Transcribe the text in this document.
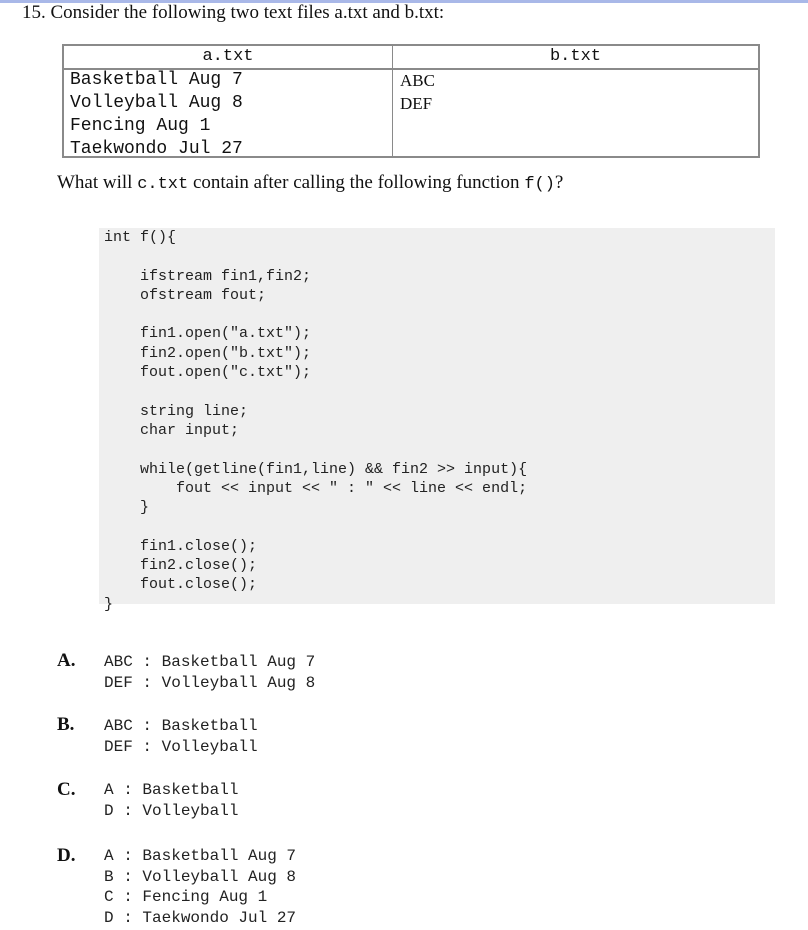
15. Consider the following two text files a.txt and b.txt:
a.txt	b.txt
Basketball Aug 7
Volleyball Aug 8
Fencing Aug 1
Taekwondo Jul 27
ABC
DEF
What will c.txt contain after calling the following function f()?
int f(){
ifstream fin1,fin2;
ofstream fout;
fin1.open("a.txt");
fin2.open("b.txt");
fout.open("c.txt");
string line;
char input;
while(getline(fin1,line) && fin2 >> input){
fout << input << " : " << line << endl;
}
fin1.close();
fin2.close();
fout.close();
}
A. ABC : Basketball Aug 7
DEF : Volleyball Aug 8
B. ABC : Basketball
DEF : Volleyball
C. A : Basketball
D : Volleyball
D. A : Basketball Aug 7
B : Volleyball Aug 8
C : Fencing Aug 1
D : Taekwondo Jul 27
